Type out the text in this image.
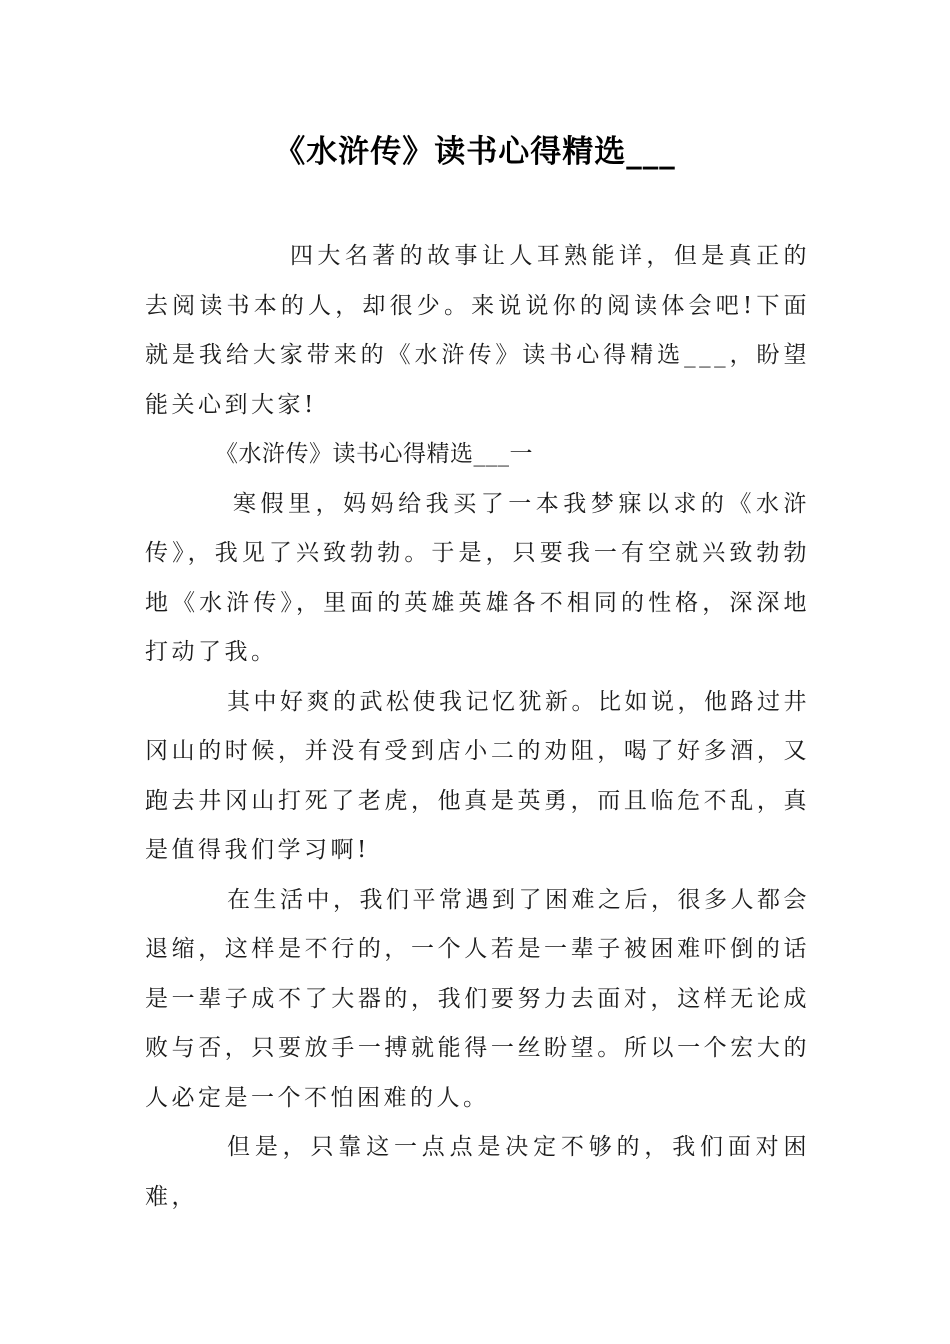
《水浒传》读书心得精选___

四大名著的故事让人耳熟能详，但是真正的去阅读书本的人，却很少。来说说你的阅读体会吧!下面就是我给大家带来的《水浒传》读书心得精选___，盼望能关心到大家!

《水浒传》读书心得精选___一

寒假里，妈妈给我买了一本我梦寐以求的《水浒传》，我见了兴致勃勃。于是，只要我一有空就兴致勃勃地《水浒传》，里面的英雄英雄各不相同的性格，深深地打动了我。

其中好爽的武松使我记忆犹新。比如说，他路过井冈山的时候，并没有受到店小二的劝阻，喝了好多酒，又跑去井冈山打死了老虎，他真是英勇，而且临危不乱，真是值得我们学习啊!

在生活中，我们平常遇到了困难之后，很多人都会退缩，这样是不行的，一个人若是一辈子被困难吓倒的话是一辈子成不了大器的，我们要努力去面对，这样无论成败与否，只要放手一搏就能得一丝盼望。所以一个宏大的人必定是一个不怕困难的人。

但是，只靠这一点点是决定不够的，我们面对困难，
